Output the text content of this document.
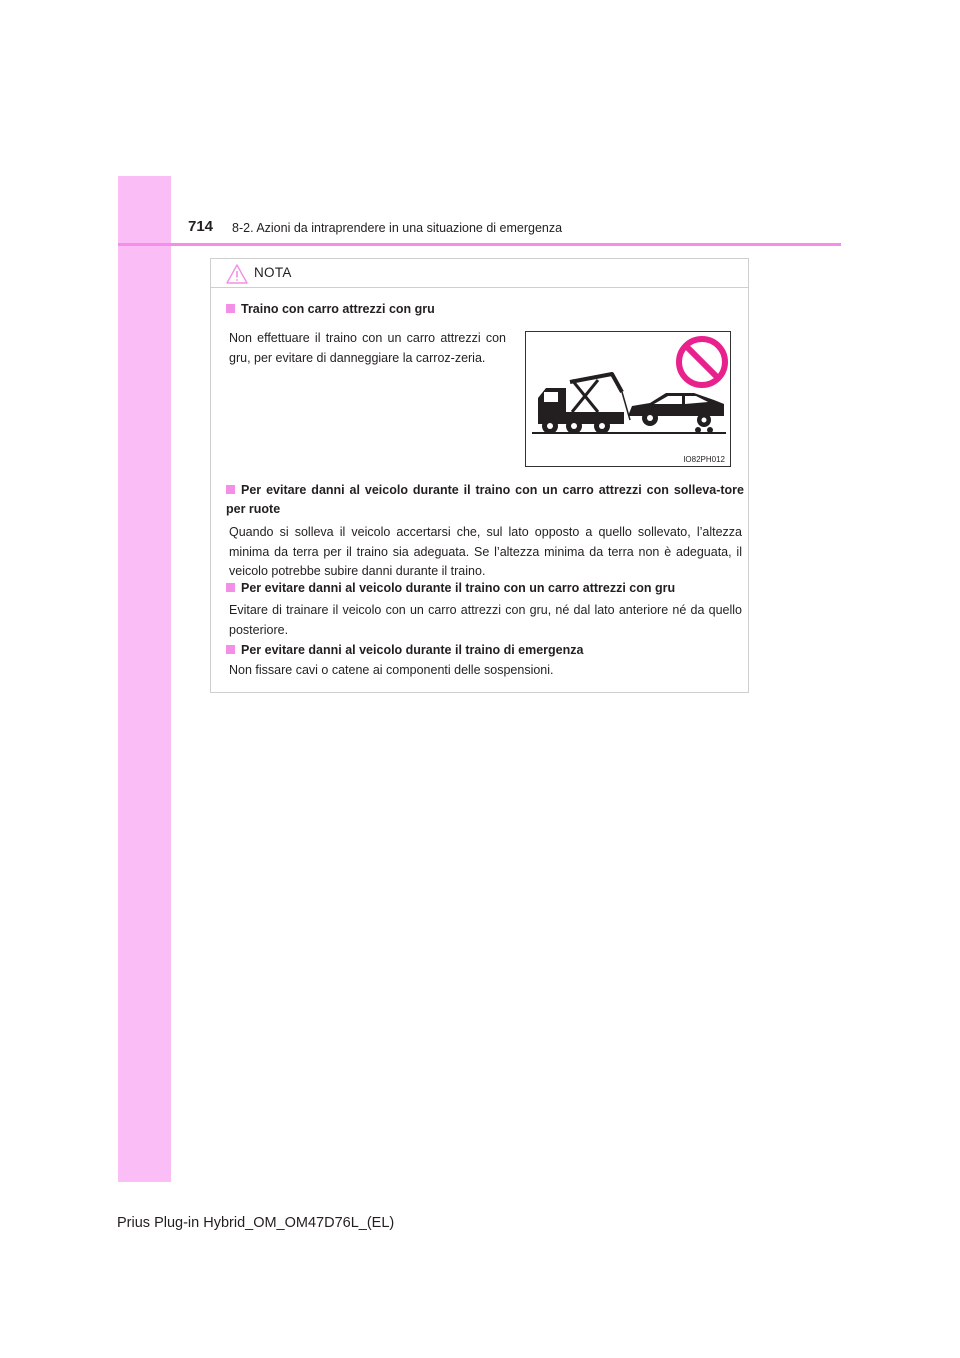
714 8-2. Azioni da intraprendere in una situazione di emergenza
NOTA
Traino con carro attrezzi con gru
Non effettuare il traino con un carro attrezzi con gru, per evitare di danneggiare la carroz-zeria.
IO82PH012
Per evitare danni al veicolo durante il traino con un carro attrezzi con solleva-tore per ruote
Quando si solleva il veicolo accertarsi che, sul lato opposto a quello sollevato, l’altezza minima da terra per il traino sia adeguata. Se l’altezza minima da terra non è adeguata, il veicolo potrebbe subire danni durante il traino.
Per evitare danni al veicolo durante il traino con un carro attrezzi con gru
Evitare di trainare il veicolo con un carro attrezzi con gru, né dal lato anteriore né da quello posteriore.
Per evitare danni al veicolo durante il traino di emergenza
Non fissare cavi o catene ai componenti delle sospensioni.
Prius Plug-in Hybrid_OM_OM47D76L_(EL)
